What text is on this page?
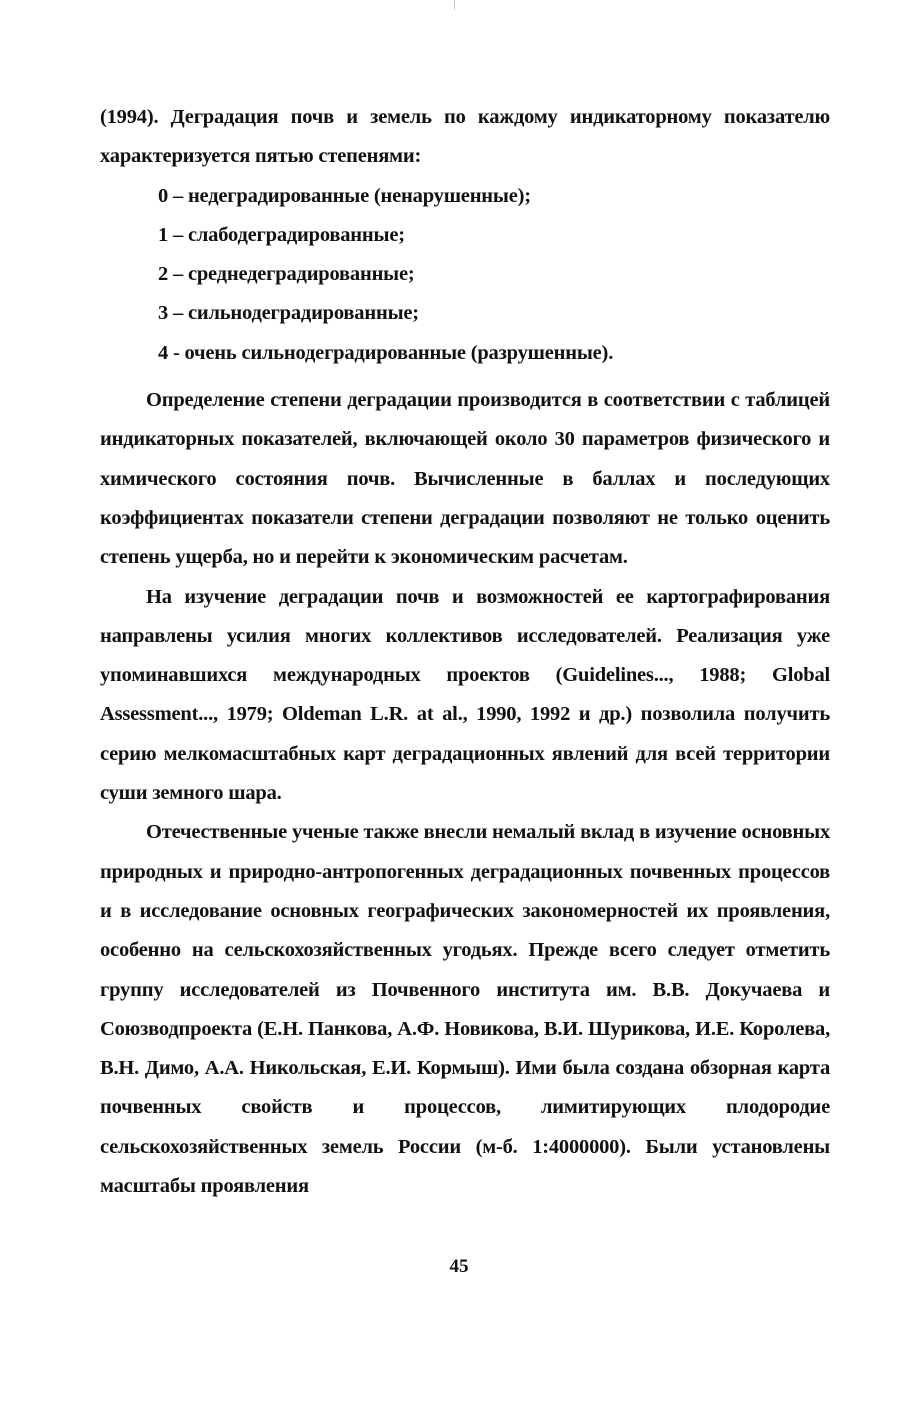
(1994). Деградация почв и земель по каждому индикаторному показателю характеризуется пятью степенями:

0 – недеградированные (ненарушенные);
1 – слабодеградированные;
2 – среднедеградированные;
3 – сильнодеградированные;
4 - очень сильнодеградированные (разрушенные).

Определение степени деградации производится в соответствии с таблицей индикаторных показателей, включающей около 30 параметров физического и химического состояния почв. Вычисленные в баллах и последующих коэффициентах показатели степени деградации позволяют не только оценить степень ущерба, но и перейти к экономическим расчетам.

На изучение деградации почв и возможностей ее картографирования направлены усилия многих коллективов исследователей. Реализация уже упоминавшихся международных проектов (Guidelines..., 1988; Global Assessment..., 1979; Oldeman L.R. at al., 1990, 1992 и др.) позволила получить серию мелкомасштабных карт деградационных явлений для всей территории суши земного шара.

Отечественные ученые также внесли немалый вклад в изучение основных природных и природно-антропогенных деградационных почвенных процессов и в исследование основных географических закономерностей их проявления, особенно на сельскохозяйственных угодьях. Прежде всего следует отметить группу исследователей из Почвенного института им. В.В. Докучаева и Союзводпроекта (Е.Н. Панкова, А.Ф. Новикова, В.И. Шурикова, И.Е. Королева, В.Н. Димо, А.А. Никольская, Е.И. Кормыш). Ими была создана обзорная карта почвенных свойств и процессов, лимитирующих плодородие сельскохозяйственных земель России (м-б. 1:4000000). Были установлены масштабы проявления

45
